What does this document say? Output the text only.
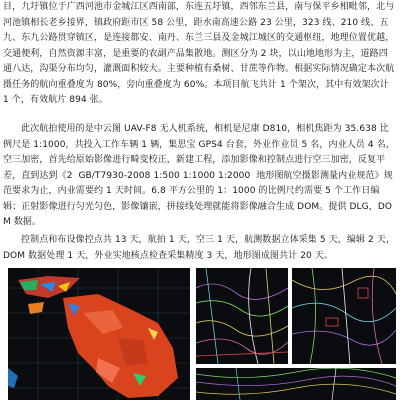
目，九圩镇位于广西河池市金城江区西南部，东连五圩镇，西邻东兰县，南与保平乡相毗邻，北与河池镇相长老乡接界，镇政府距市区 58 公里，距水南高速公路 23 公里，323 线、210 线、五九、东九公路贯穿镇区，是连接都安、南丹、东兰三县及金城江城区的交通枢纽，地理位置优越，交通便利，自然资源丰富，是重要的农副产品集散地。测区分为 2 块，以山地地形为主，道路四通八达，沟渠分布均匀，灌溉面积较大。主要种植有桑树、甘蔗等作物。根据实际情况确定本次航摄任务的航向重叠度为 80%，旁向重叠度为 60%。本项目航飞共计 1 个架次，其中有效架次计 1 个，有效航片 894 张。

此次航拍使用的是中云图 UAV-F8 无人机系统，相机是尼康 D810，相机焦距为 35.638 比例尺是 1:1000，共投入工作车辆 1 辆，集思宝 GPS4 台套，外业作业员 5 名，内业人员 4 名，空三加密，首先给原始影像进行畸变校正，新建工程，添加影像和控制点进行空三加密，反复平差，直到达到《2  GB/T7930-2008 1:500 1:1000 1:2000  地形图航空摄影测量内业规范》规范要求为止，内业需要约 1 天时间。6.8 平方公里的 1：1000 的比例尺约需要 5 个工作日编辑；正射影像进行匀光匀色，影像镶嵌，拼接线处理就能将影像融合生成 DOM。提供 DLG，DOM 数据。

控制点和布设像控点共 13 天，航拍 1 天，空三 1 天，航测数据立体采集 5 天，编辑 2 天，DOM 数据处理 1 天，外业实地核点检查采集精度 3 天，地形图成图共计 20 天。
